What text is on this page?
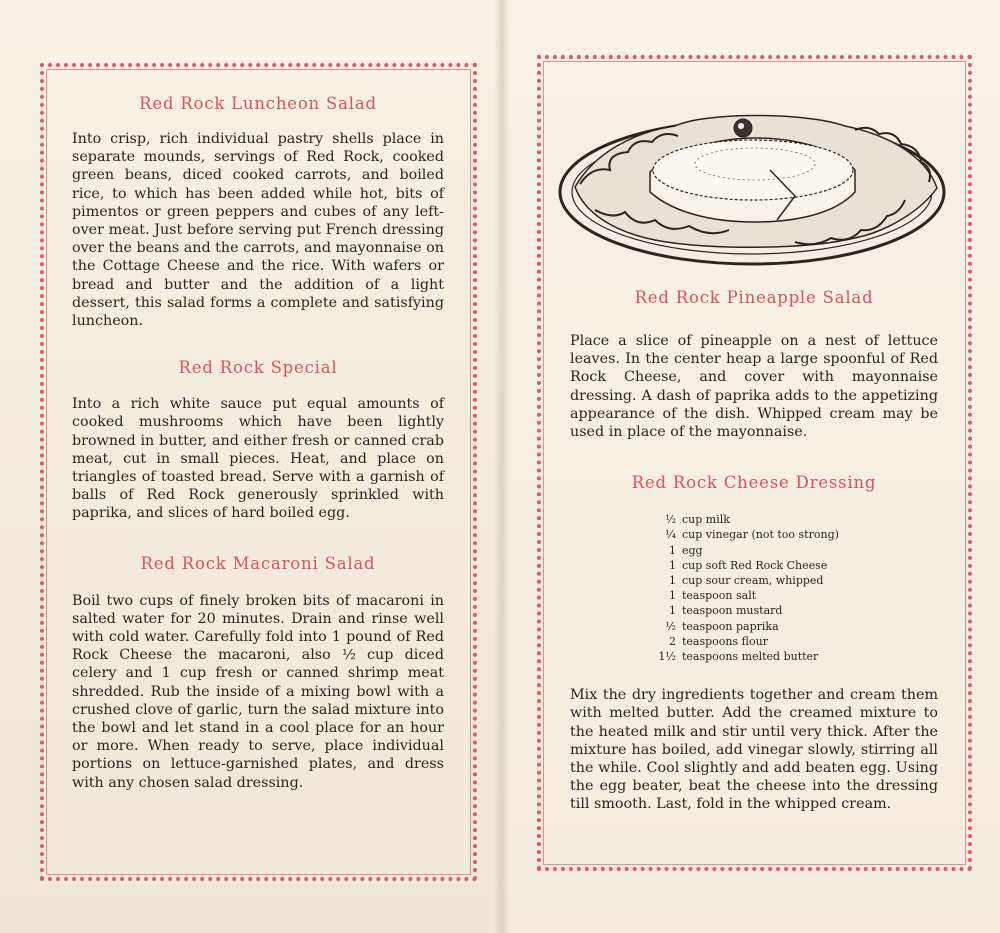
Red Rock Luncheon Salad

Into crisp, rich individual pastry shells place in separate mounds, servings of Red Rock, cooked green beans, diced cooked carrots, and boiled rice, to which has been added while hot, bits of pimentos or green peppers and cubes of any left-over meat. Just before serving put French dressing over the beans and the carrots, and mayonnaise on the Cottage Cheese and the rice. With wafers or bread and butter and the addition of a light dessert, this salad forms a complete and satisfying luncheon.

Red Rock Special

Into a rich white sauce put equal amounts of cooked mushrooms which have been lightly browned in butter, and either fresh or canned crab meat, cut in small pieces. Heat, and place on triangles of toasted bread. Serve with a garnish of balls of Red Rock generously sprinkled with paprika, and slices of hard boiled egg.

Red Rock Macaroni Salad

Boil two cups of finely broken bits of macaroni in salted water for 20 minutes. Drain and rinse well with cold water. Carefully fold into 1 pound of Red Rock Cheese the macaroni, also ½ cup diced celery and 1 cup fresh or canned shrimp meat shredded. Rub the inside of a mixing bowl with a crushed clove of garlic, turn the salad mixture into the bowl and let stand in a cool place for an hour or more. When ready to serve, place individual portions on lettuce-garnished plates, and dress with any chosen salad dressing.

Red Rock Pineapple Salad

Place a slice of pineapple on a nest of lettuce leaves. In the center heap a large spoonful of Red Rock Cheese, and cover with mayonnaise dressing. A dash of paprika adds to the appetizing appearance of the dish. Whipped cream may be used in place of the mayonnaise.

Red Rock Cheese Dressing
½ cup milk
¼ cup vinegar (not too strong)
1 egg
1 cup soft Red Rock Cheese
1 cup sour cream, whipped
1 teaspoon salt
1 teaspoon mustard
½ teaspoon paprika
2 teaspoons flour
1½ teaspoons melted butter

Mix the dry ingredients together and cream them with melted butter. Add the creamed mixture to the heated milk and stir until very thick. After the mixture has boiled, add vinegar slowly, stirring all the while. Cool slightly and add beaten egg. Using the egg beater, beat the cheese into the dressing till smooth. Last, fold in the whipped cream.
